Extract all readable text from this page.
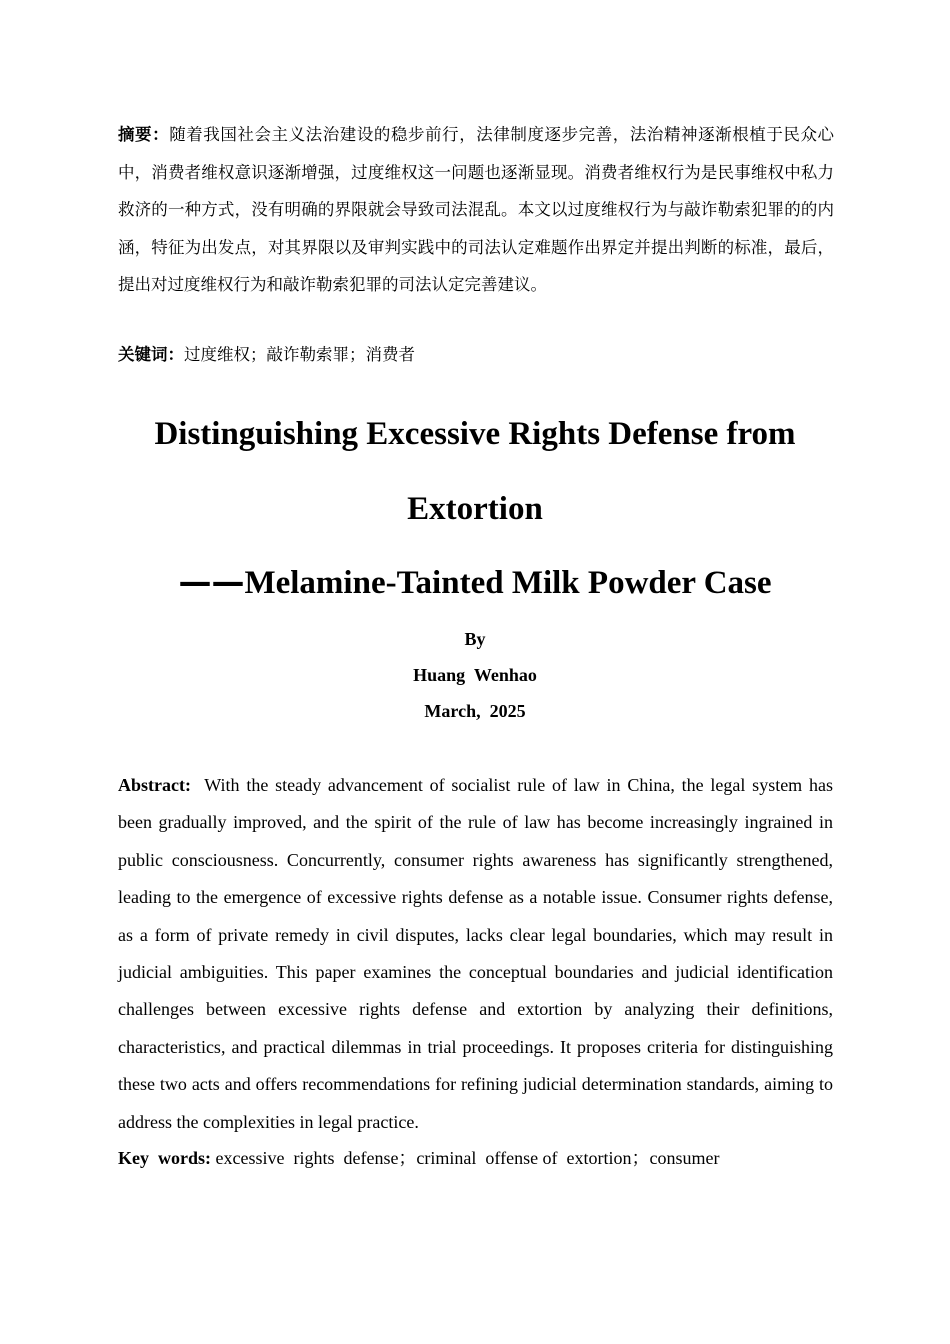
摘要：随着我国社会主义法治建设的稳步前行，法律制度逐步完善，法治精神逐渐根植于民众心中，消费者维权意识逐渐增强，过度维权这一问题也逐渐显现。消费者维权行为是民事维权中私力救济的一种方式，没有明确的界限就会导致司法混乱。本文以过度维权行为与敲诈勒索犯罪的的内涵，特征为出发点，对其界限以及审判实践中的司法认定难题作出界定并提出判断的标准，最后，提出对过度维权行为和敲诈勒索犯罪的司法认定完善建议。

关键词：过度维权；敲诈勒索罪；消费者

Distinguishing Excessive Rights Defense from
Extortion
——Melamine-Tainted Milk Powder Case
By
Huang  Wenhao
March,  2025

Abstract: With the steady advancement of socialist rule of law in China, the legal system has been gradually improved, and the spirit of the rule of law has become increasingly ingrained in public consciousness. Concurrently, consumer rights awareness has significantly strengthened, leading to the emergence of excessive rights defense as a notable issue. Consumer rights defense, as a form of private remedy in civil disputes, lacks clear legal boundaries, which may result in judicial ambiguities. This paper examines the conceptual boundaries and judicial identification challenges between excessive rights defense and extortion by analyzing their definitions, characteristics, and practical dilemmas in trial proceedings. It proposes criteria for distinguishing these two acts and offers recommendations for refining judicial determination standards, aiming to address the complexities in legal practice.

Key  words: excessive  rights  defense；criminal  offense of  extortion；consumer
